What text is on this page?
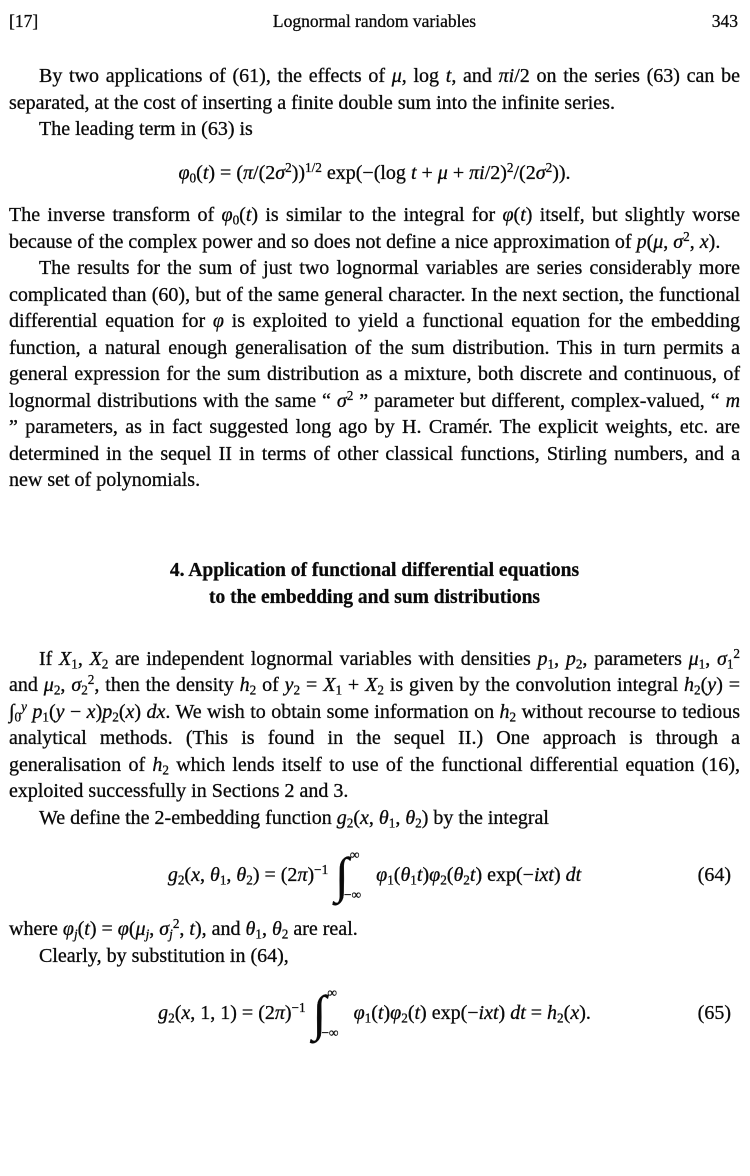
[17]	Lognormal random variables	343

By two applications of (61), the effects of μ, log t, and πi/2 on the series (63) can be separated, at the cost of inserting a finite double sum into the infinite series.

The leading term in (63) is

$\varphi_0(t) = (\pi/(2\sigma^2))^{1/2}$ exp(−(log $t + \mu + \pi i/2)^2/(2\sigma^2)$).

The inverse transform of $\varphi_0(t)$ is similar to the integral for φ(t) itself, but slightly worse because of the complex power and so does not define a nice approximation of p(μ, $\sigma^2$, x).

The results for the sum of just two lognormal variables are series considerably more complicated than (60), but of the same general character. In the next section, the functional differential equation for φ is exploited to yield a functional equation for the embedding function, a natural enough generalisation of the sum distribution. This in turn permits a general expression for the sum distribution as a mixture, both discrete and continuous, of lognormal distributions with the same “ $\sigma^2$ ” parameter but different, complex-valued, “ m ” parameters, as in fact suggested long ago by H. Cramér. The explicit weights, etc. are determined in the sequel II in terms of other classical functions, Stirling numbers, and a new set of polynomials.

4. Application of functional differential equations
to the embedding and sum distributions

If $X_1$, $X_2$ are independent lognormal variables with densities $p_1$, $p_2$, parameters $\mu_1$, $\sigma_1^2$ and $\mu_2$, $\sigma_2^2$, then the density $h_2$ of $y_2 = X_1 + X_2$ is given by the convolution integral $h_2(y) = \int_0^y$ $p_1(y - x)p_2(x)$ dx. We wish to obtain some information on $h_2$ without recourse to tedious analytical methods. (This is found in the sequel II.) One approach is through a generalisation of $h_2$ which lends itself to use of the functional differential equation (16), exploited successfully in Sections 2 and 3.

We define the 2-embedding function $g_2(x$, $\theta_1$, $\theta_2$) by the integral

$g_2(x$, $\theta_1$, $\theta_2) = (2\pi)^{-1}$ ∫ ∞
−∞
$\varphi_1(\theta_1t)\varphi_2(\theta_2t)$ exp(−ixt) dt	(64)

where $\varphi_j(t) = \varphi(\mu_j$, $\sigma_j^2$, t), and $\theta_1$, $\theta_2$ are real.

Clearly, by substitution in (64),

$g_2(x$, 1, $1) = (2\pi)^{-1}$ ∫ ∞
−∞
$\varphi_1(t)\varphi_2(t)$ exp(−ixt) dt = $h_2(x)$.	(65)
